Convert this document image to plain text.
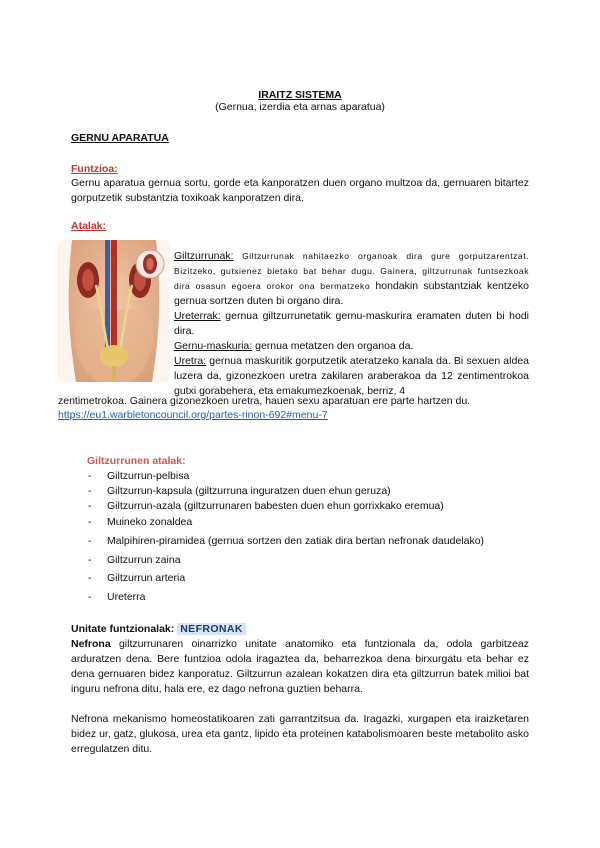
IRAITZ SISTEMA
(Gernua, izerdia eta arnas aparatua)
GERNU APARATUA
Funtzioa:
Gernu aparatua gernua sortu, gorde eta kanporatzen duen organo multzoa da, gernuaren bitartez gorputzetik substantzia toxikoak kanporatzen dira.
Atalak:
Giltzurrunak: Giltzurrunak nahitaezko organoak dira gure gorputzarentzat. Bizitzeko, gutxienez bietako bat behar dugu. Gainera, giltzurrunak funtsezkoak dira osasun egoera orokor ona bermatzeko hondakin substantziak kentzeko gernua sortzen duten bi organo dira.
Ureterrak: gernua giltzurrunetatik gernu-maskurira eramaten duten bi hodi dira.
Gernu-maskuria: gernua metatzen den organoa da.
Uretra: gernua maskuritik gorputzetik ateratzeko kanala da. Bi sexuen aldea luzera da, gizonezkoen uretra zakilaren araberakoa da 12 zentimentrokoa gutxi gorabehera, eta emakumezkoenak, berriz, 4
zentimetrokoa. Gainera gizonezkoen uretra, hauen sexu aparatuan ere parte hartzen du.
https://eu1.warbletoncouncil.org/partes-rinon-692#menu-7
Giltzurrunen atalak:
- Giltzurrun-pelbisa
- Giltzurrun-kapsula (giltzurruna inguratzen duen ehun geruza)
- Giltzurrun-azala (giltzurrunaren babesten duen ehun gorrixkako eremua)
- Muineko zonaldea
- Malpihiren-piramidea (gernua sortzen den zatiak dira bertan nefronak daudelako)
- Giltzurrun zaina
- Giltzurrun arteria
- Ureterra
Unitate funtzionalak: NEFRONAK
Nefrona giltzurrunaren oinarrizko unitate anatomiko eta funtzionala da, odola garbitzeaz arduratzen dena. Bere funtzioa odola iragaztea da, beharrezkoa dena birxurgatu eta behar ez dena gernuaren bidez kanporatuz. Giltzurrun azalean kokatzen dira eta giltzurrun batek milioi bat inguru nefrona ditu, hala ere, ez dago nefrona guztien beharra.
Nefrona mekanismo homeostatikoaren zati garrantzitsua da. Iragazki, xurgapen eta iraizketaren bidez ur, gatz, glukosa, urea eta gantz, lipido eta proteinen katabolismoaren beste metabolito asko erregulatzen ditu.
